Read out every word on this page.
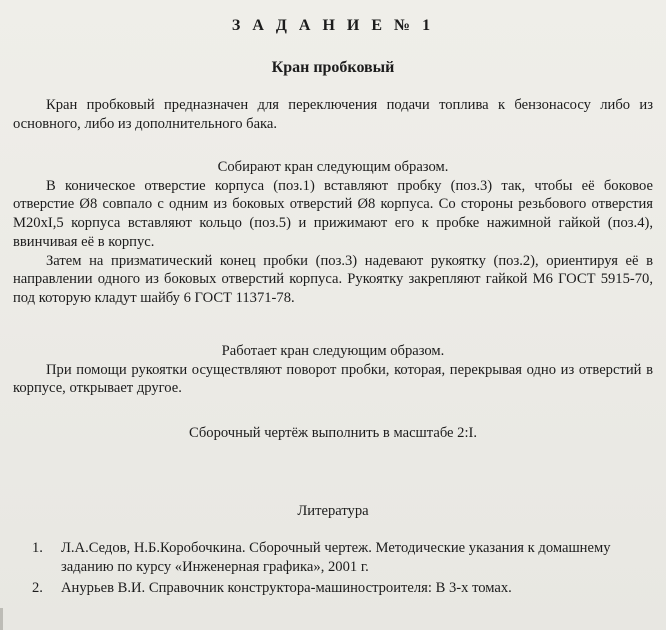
З А Д А Н И Е № 1
Кран пробковый

Кран пробковый предназначен для переключения подачи топлива к бензонасосу либо из основного, либо из дополнительного бака.

Собирают кран следующим образом.

В коническое отверстие корпуса (поз.1) вставляют пробку (поз.3) так, чтобы её боковое отверстие Ø8 совпало с одним из боковых отверстий Ø8 корпуса. Со стороны резьбового отверстия М20xI,5 корпуса вставляют кольцо (поз.5) и прижимают его к пробке нажимной гайкой (поз.4), ввинчивая её в корпус.

Затем на призматический конец пробки (поз.3) надевают рукоятку (поз.2), ориентируя её в направлении одного из боковых отверстий корпуса. Рукоятку закрепляют гайкой М6 ГОСТ 5915-70, под которую кладут шайбу 6 ГОСТ 11371-78.

Работает кран следующим образом.

При помощи рукоятки осуществляют поворот пробки, которая, перекрывая одно из отверстий в корпусе, открывает другое.

Сборочный чертёж выполнить в масштабе 2:I.

Литература
1. Л.А.Седов, Н.Б.Коробочкина. Сборочный чертеж. Методические указания к домашнему заданию по курсу «Инженерная графика», 2001 г.
2. Анурьев В.И. Справочник конструктора-машиностроителя: В 3-х томах.
